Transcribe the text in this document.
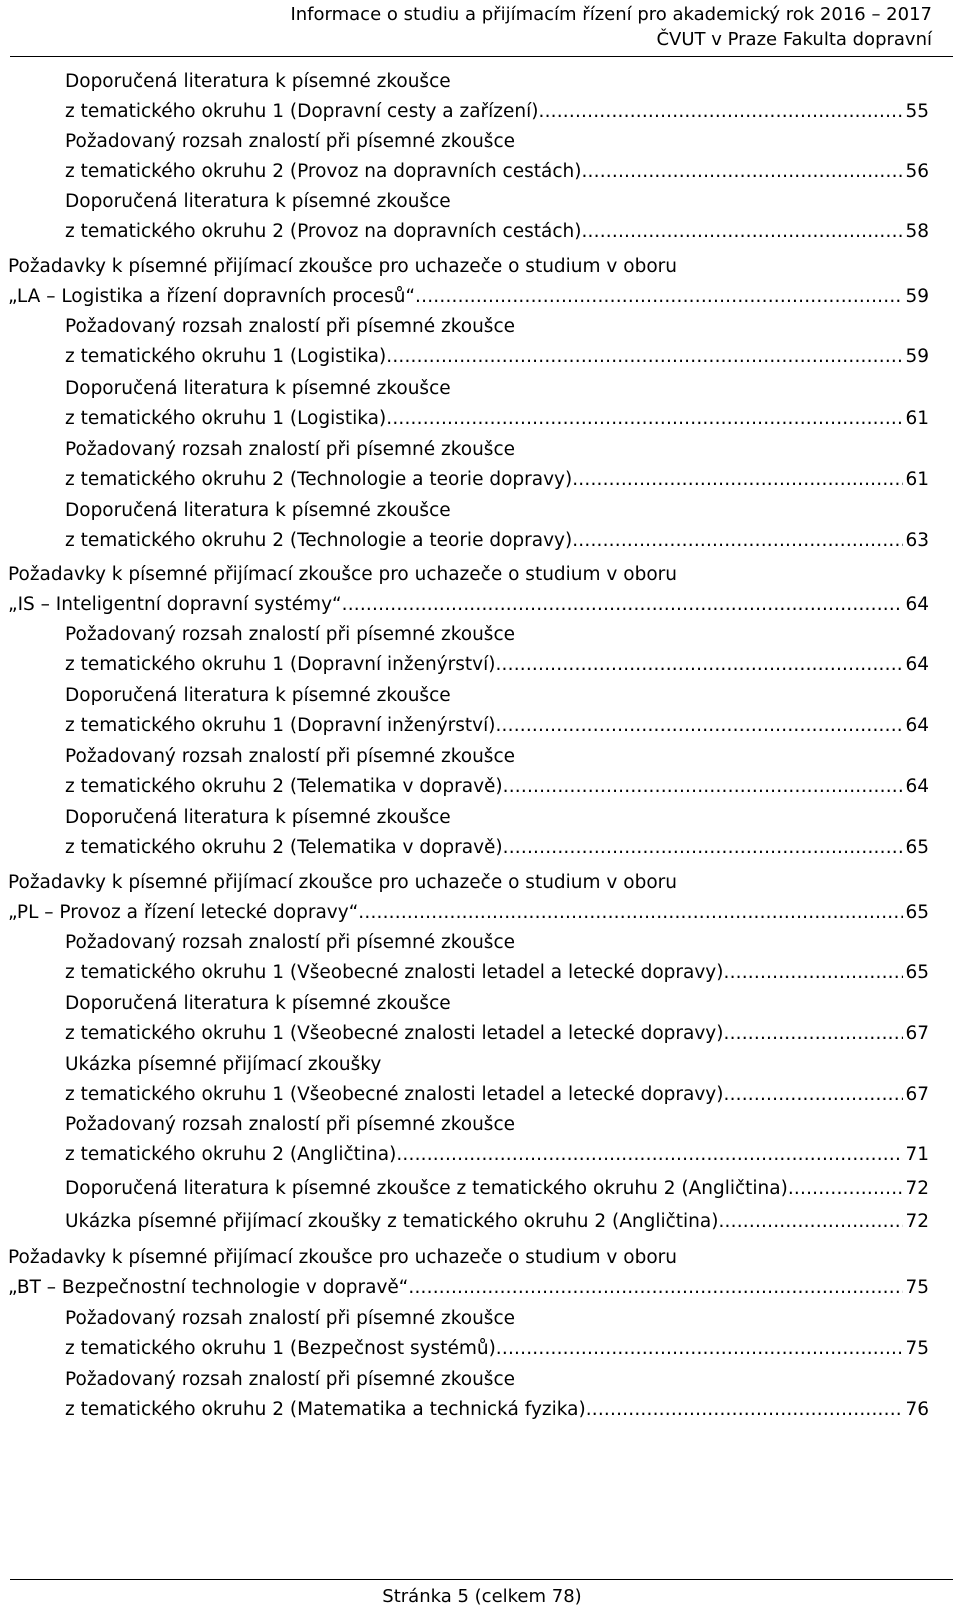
Informace o studiu a přijímacím řízení pro akademický rok 2016 – 2017
ČVUT v Praze Fakulta dopravní
Doporučená literatura k písemné zkoušce
z tematického okruhu 1 (Dopravní cesty a zařízení) .....	55
Požadovaný rozsah znalostí při písemné zkoušce
z tematického okruhu 2 (Provoz na dopravních cestách) .....	56
Doporučená literatura k písemné zkoušce
z tematického okruhu 2 (Provoz na dopravních cestách) .....	58
Požadavky k písemné přijímací zkoušce pro uchazeče o studium v oboru
„LA – Logistika a řízení dopravních procesů“ .....	59
Požadovaný rozsah znalostí při písemné zkoušce
z tematického okruhu 1 (Logistika) .....	59
Doporučená literatura k písemné zkoušce
z tematického okruhu 1 (Logistika) .....	61
Požadovaný rozsah znalostí při písemné zkoušce
z tematického okruhu 2 (Technologie a teorie dopravy) .....	61
Doporučená literatura k písemné zkoušce
z tematického okruhu 2 (Technologie a teorie dopravy) .....	63
Požadavky k písemné přijímací zkoušce pro uchazeče o studium v oboru
„IS – Inteligentní dopravní systémy“ .....	64
Požadovaný rozsah znalostí při písemné zkoušce
z tematického okruhu 1 (Dopravní inženýrství) .....	64
Doporučená literatura k písemné zkoušce
z tematického okruhu 1 (Dopravní inženýrství) .....	64
Požadovaný rozsah znalostí při písemné zkoušce
z tematického okruhu 2 (Telematika v dopravě) .....	64
Doporučená literatura k písemné zkoušce
z tematického okruhu 2 (Telematika v dopravě) .....	65
Požadavky k písemné přijímací zkoušce pro uchazeče o studium v oboru
„PL – Provoz a řízení letecké dopravy“ .....	65
Požadovaný rozsah znalostí při písemné zkoušce
z tematického okruhu 1 (Všeobecné znalosti letadel a letecké dopravy) .....	65
Doporučená literatura k písemné zkoušce
z tematického okruhu 1 (Všeobecné znalosti letadel a letecké dopravy) .....	67
Ukázka písemné přijímací zkoušky
z tematického okruhu 1 (Všeobecné znalosti letadel a letecké dopravy) .....	67
Požadovaný rozsah znalostí při písemné zkoušce
z tematického okruhu 2 (Angličtina) .....	71
Doporučená literatura k písemné zkoušce z tematického okruhu 2 (Angličtina) .....	72
Ukázka písemné přijímací zkoušky z tematického okruhu 2 (Angličtina) .....	72
Požadavky k písemné přijímací zkoušce pro uchazeče o studium v oboru
„BT – Bezpečnostní technologie v dopravě“ .....	75
Požadovaný rozsah znalostí při písemné zkoušce
z tematického okruhu 1 (Bezpečnost systémů) .....	75
Požadovaný rozsah znalostí při písemné zkoušce
z tematického okruhu 2 (Matematika a technická fyzika) .....	76
Stránka 5 (celkem 78)
